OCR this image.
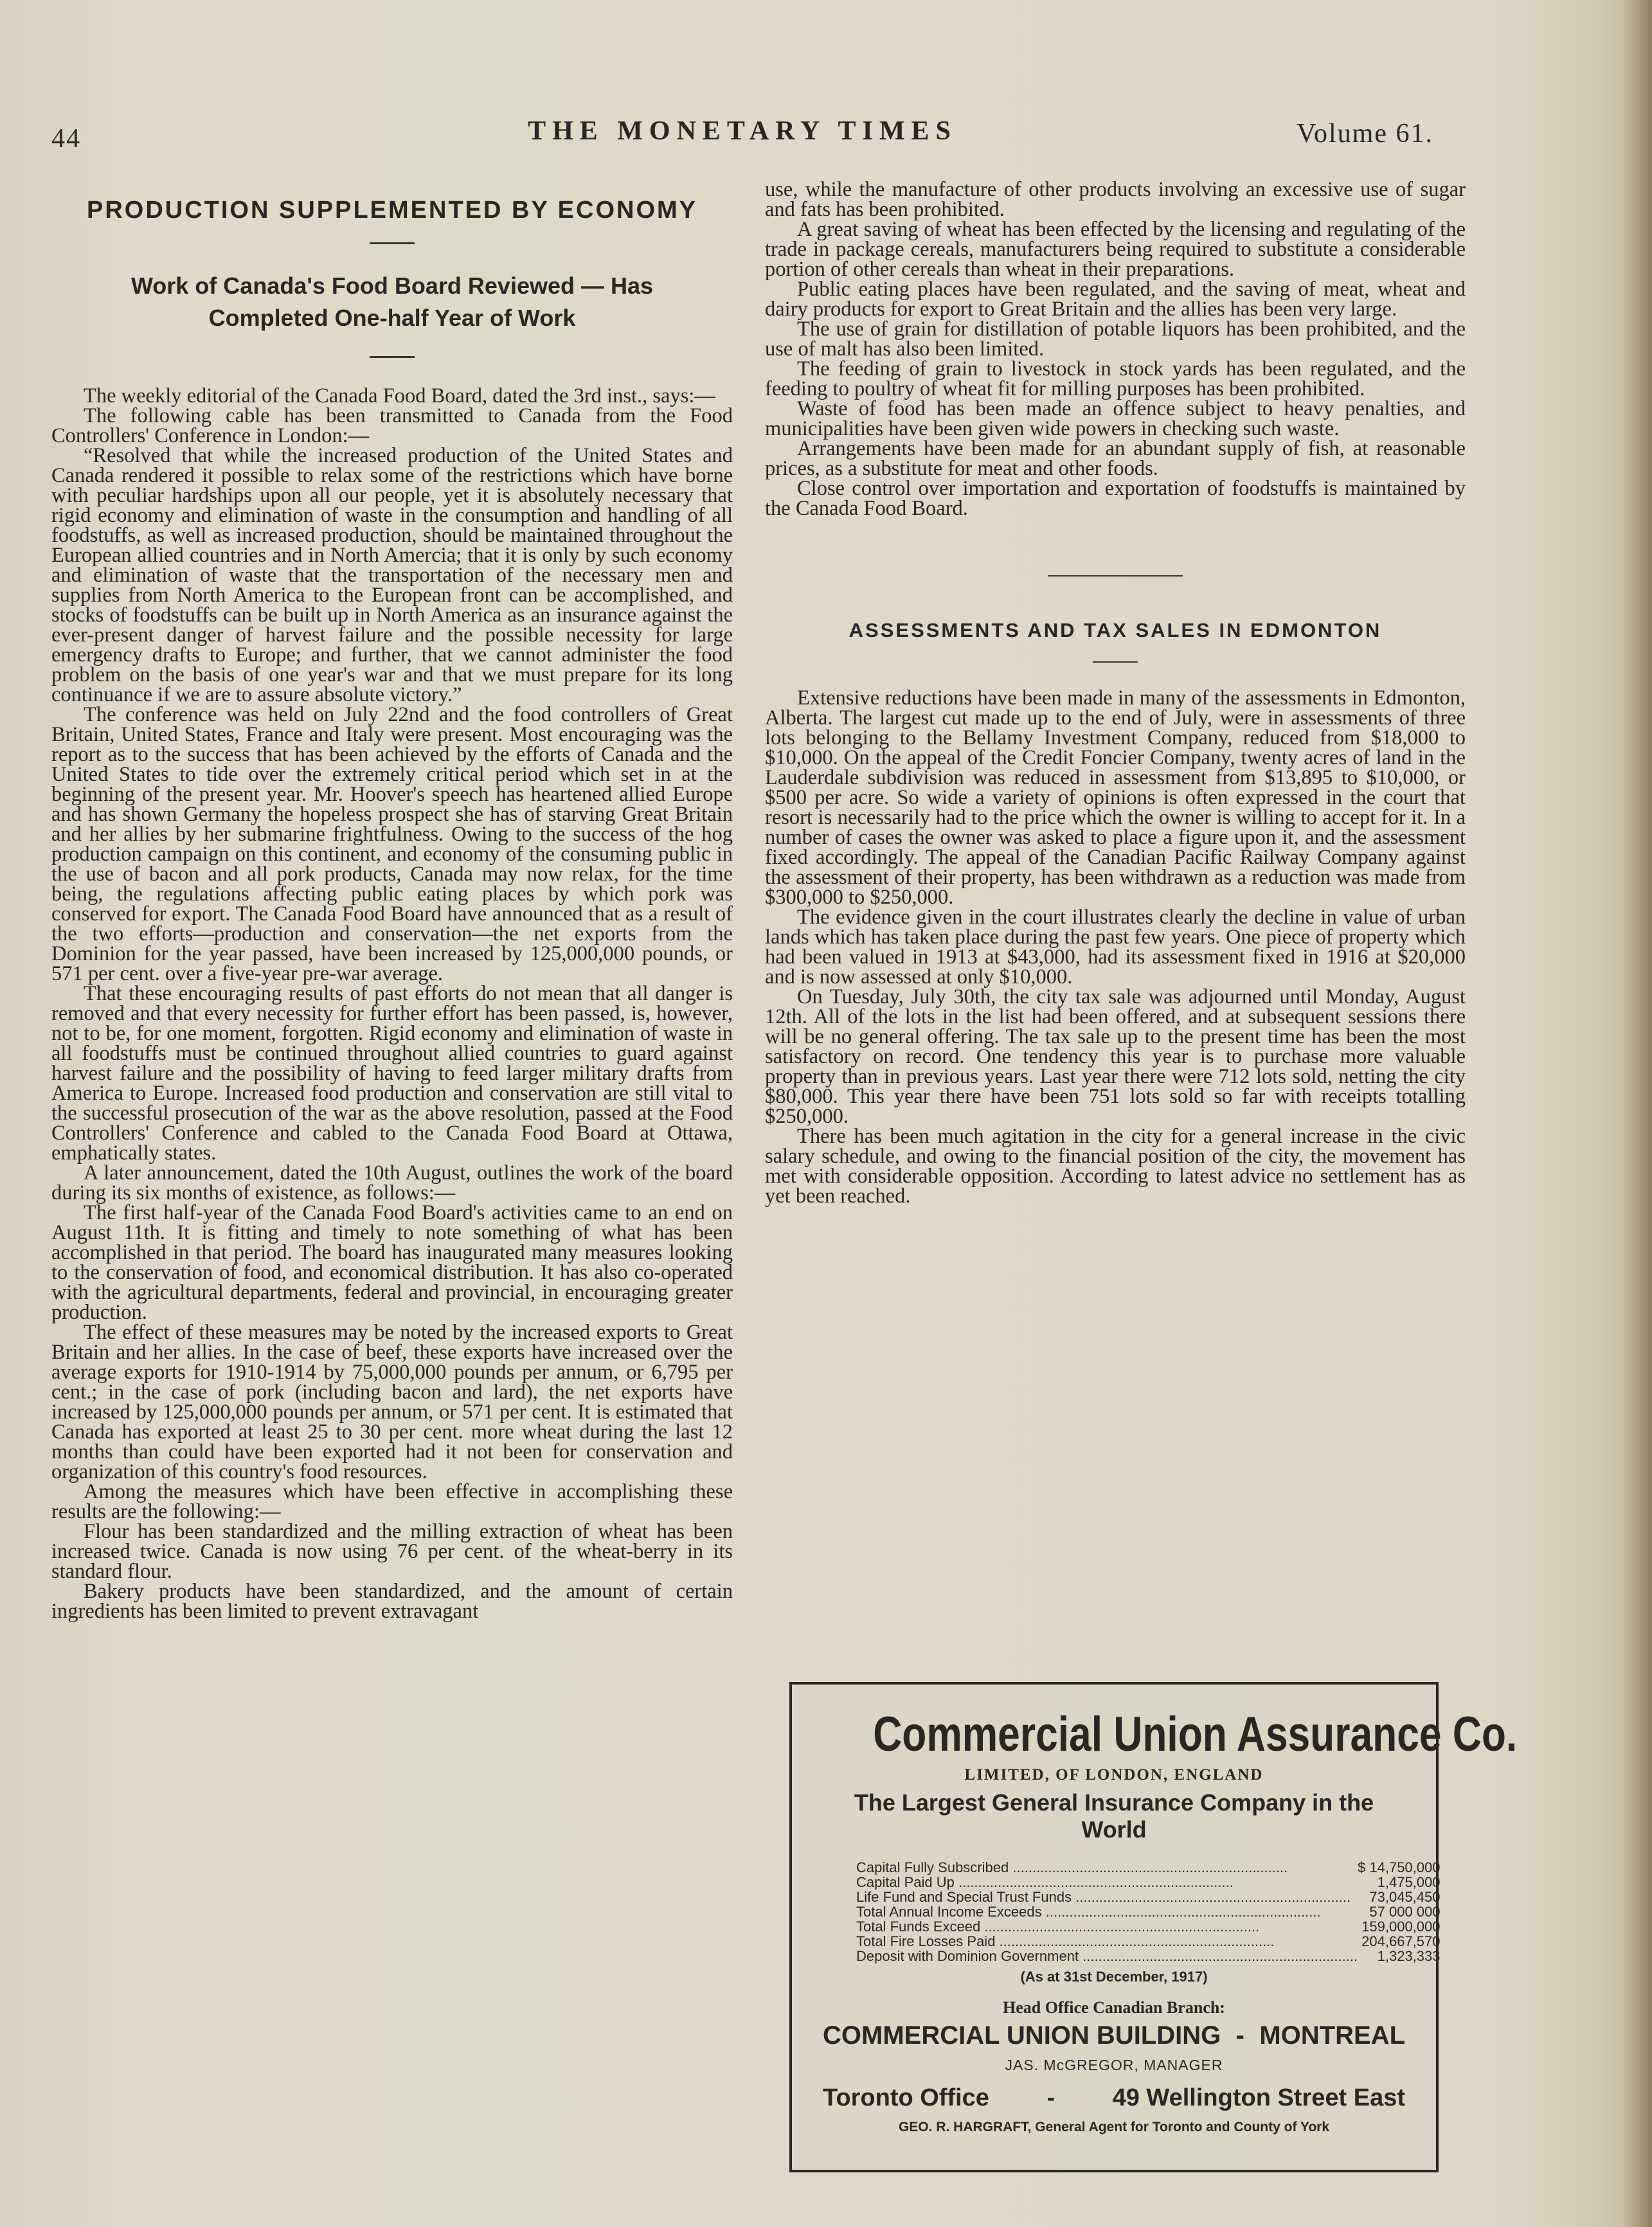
44	THE MONETARY TIMES	Volume 61.
PRODUCTION SUPPLEMENTED BY ECONOMY
Work of Canada's Food Board Reviewed — Has Completed One-half Year of Work

The weekly editorial of the Canada Food Board, dated the 3rd inst., says:—

The following cable has been transmitted to Canada from the Food Controllers' Conference in London:—

“Resolved that while the increased production of the United States and Canada rendered it possible to relax some of the restrictions which have borne with peculiar hardships upon all our people, yet it is absolutely necessary that rigid economy and elimination of waste in the consumption and handling of all foodstuffs, as well as increased production, should be maintained throughout the European allied countries and in North Amercia; that it is only by such economy and elimination of waste that the transportation of the necessary men and supplies from North America to the European front can be accomplished, and stocks of foodstuffs can be built up in North America as an insurance against the ever-present danger of harvest failure and the possible necessity for large emergency drafts to Europe; and further, that we cannot administer the food problem on the basis of one year's war and that we must prepare for its long continuance if we are to assure absolute victory.”

The conference was held on July 22nd and the food controllers of Great Britain, United States, France and Italy were present. Most encouraging was the report as to the success that has been achieved by the efforts of Canada and the United States to tide over the extremely critical period which set in at the beginning of the present year. Mr. Hoover's speech has heartened allied Europe and has shown Germany the hopeless prospect she has of starving Great Britain and her allies by her submarine frightfulness. Owing to the success of the hog production campaign on this continent, and economy of the consuming public in the use of bacon and all pork products, Canada may now relax, for the time being, the regulations affecting public eating places by which pork was conserved for export. The Canada Food Board have announced that as a result of the two efforts—production and conservation—the net exports from the Dominion for the year passed, have been increased by 125,000,000 pounds, or 571 per cent. over a five-year pre-war average.

That these encouraging results of past efforts do not mean that all danger is removed and that every necessity for further effort has been passed, is, however, not to be, for one moment, forgotten. Rigid economy and elimination of waste in all foodstuffs must be continued throughout allied countries to guard against harvest failure and the possibility of having to feed larger military drafts from America to Europe. Increased food production and conservation are still vital to the successful prosecution of the war as the above resolution, passed at the Food Controllers' Conference and cabled to the Canada Food Board at Ottawa, emphatically states.

A later announcement, dated the 10th August, outlines the work of the board during its six months of existence, as follows:—

The first half-year of the Canada Food Board's activities came to an end on August 11th. It is fitting and timely to note something of what has been accomplished in that period. The board has inaugurated many measures looking to the conservation of food, and economical distribution. It has also co-operated with the agricultural departments, federal and provincial, in encouraging greater production.

The effect of these measures may be noted by the increased exports to Great Britain and her allies. In the case of beef, these exports have increased over the average exports for 1910-1914 by 75,000,000 pounds per annum, or 6,795 per cent.; in the case of pork (including bacon and lard), the net exports have increased by 125,000,000 pounds per annum, or 571 per cent. It is estimated that Canada has exported at least 25 to 30 per cent. more wheat during the last 12 months than could have been exported had it not been for conservation and organization of this country's food resources.

Among the measures which have been effective in accomplishing these results are the following:—

Flour has been standardized and the milling extraction of wheat has been increased twice. Canada is now using 76 per cent. of the wheat-berry in its standard flour.

Bakery products have been standardized, and the amount of certain ingredients has been limited to prevent extravagant

use, while the manufacture of other products involving an excessive use of sugar and fats has been prohibited.

A great saving of wheat has been effected by the licensing and regulating of the trade in package cereals, manufacturers being required to substitute a considerable portion of other cereals than wheat in their preparations.

Public eating places have been regulated, and the saving of meat, wheat and dairy products for export to Great Britain and the allies has been very large.

The use of grain for distillation of potable liquors has been prohibited, and the use of malt has also been limited.

The feeding of grain to livestock in stock yards has been regulated, and the feeding to poultry of wheat fit for milling purposes has been prohibited.

Waste of food has been made an offence subject to heavy penalties, and municipalities have been given wide powers in checking such waste.

Arrangements have been made for an abundant supply of fish, at reasonable prices, as a substitute for meat and other foods.

Close control over importation and exportation of foodstuffs is maintained by the Canada Food Board.

ASSESSMENTS AND TAX SALES IN EDMONTON

Extensive reductions have been made in many of the assessments in Edmonton, Alberta. The largest cut made up to the end of July, were in assessments of three lots belonging to the Bellamy Investment Company, reduced from $18,000 to $10,000. On the appeal of the Credit Foncier Company, twenty acres of land in the Lauderdale subdivision was reduced in assessment from $13,895 to $10,000, or $500 per acre. So wide a variety of opinions is often expressed in the court that resort is necessarily had to the price which the owner is willing to accept for it. In a number of cases the owner was asked to place a figure upon it, and the assessment fixed accordingly. The appeal of the Canadian Pacific Railway Company against the assessment of their property, has been withdrawn as a reduction was made from $300,000 to $250,000.

The evidence given in the court illustrates clearly the decline in value of urban lands which has taken place during the past few years. One piece of property which had been valued in 1913 at $43,000, had its assessment fixed in 1916 at $20,000 and is now assessed at only $10,000.

On Tuesday, July 30th, the city tax sale was adjourned until Monday, August 12th. All of the lots in the list had been offered, and at subsequent sessions there will be no general offering. The tax sale up to the present time has been the most satisfactory on record. One tendency this year is to purchase more valuable property than in previous years. Last year there were 712 lots sold, netting the city $80,000. This year there have been 751 lots sold so far with receipts totalling $250,000.

There has been much agitation in the city for a general increase in the civic salary schedule, and owing to the financial position of the city, the movement has met with considerable opposition. According to latest advice no settlement has as yet been reached.

Commercial Union Assurance Co.
LIMITED, OF LONDON, ENGLAND
The Largest General Insurance Company in the World
Capital Fully Subscribed .....	$ 14,750,000
Capital Paid Up .....	1,475,000
Life Fund and Special Trust Funds .....	73,045,450
Total Annual Income Exceeds .....	57 000 000
Total Funds Exceed .....	159,000,000
Total Fire Losses Paid .....	204,667,570
Deposit with Dominion Government .....	1,323,333
(As at 31st December, 1917)
Head Office Canadian Branch:
COMMERCIAL UNION BUILDING - MONTREAL
JAS. McGREGOR, MANAGER
Toronto Office - 49 Wellington Street East
GEO. R. HARGRAFT, General Agent for Toronto and County of York
